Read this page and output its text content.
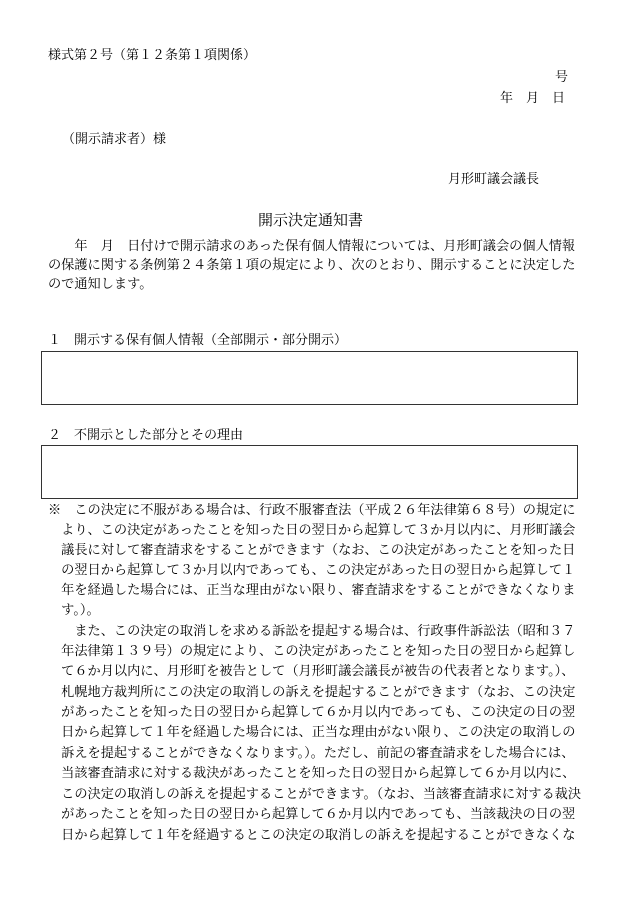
様式第２号（第１２条第１項関係）

号

年　月　日

（開示請求者）様

月形町議会議長

開示決定通知書

　　年　月　日付けで開示請求のあった保有個人情報については、月形町議会の個人情報
の保護に関する条例第２４条第１項の規定により、次のとおり、開示することに決定した
ので通知します。

１　開示する保有個人情報（全部開示・部分開示）

２　不開示とした部分とその理由

※　この決定に不服がある場合は、行政不服審査法（平成２６年法律第６８号）の規定に
　より、この決定があったことを知った日の翌日から起算して３か月以内に、月形町議会
　議長に対して審査請求をすることができます（なお、この決定があったことを知った日
　の翌日から起算して３か月以内であっても、この決定があった日の翌日から起算して１
　年を経過した場合には、正当な理由がない限り、審査請求をすることができなくなりま
　す。）。
　　また、この決定の取消しを求める訴訟を提起する場合は、行政事件訴訟法（昭和３７
　年法律第１３９号）の規定により、この決定があったことを知った日の翌日から起算し
　て６か月以内に、月形町を被告として（月形町議会議長が被告の代表者となります。）、
　札幌地方裁判所にこの決定の取消しの訴えを提起することができます（なお、この決定
　があったことを知った日の翌日から起算して６か月以内であっても、この決定の日の翌
　日から起算して１年を経過した場合には、正当な理由がない限り、この決定の取消しの
　訴えを提起することができなくなります。）。ただし、前記の審査請求をした場合には、
　当該審査請求に対する裁決があったことを知った日の翌日から起算して６か月以内に、
　この決定の取消しの訴えを提起することができます。（なお、当該審査請求に対する裁決
　があったことを知った日の翌日から起算して６か月以内であっても、当該裁決の日の翌
　日から起算して１年を経過するとこの決定の取消しの訴えを提起することができなくな
